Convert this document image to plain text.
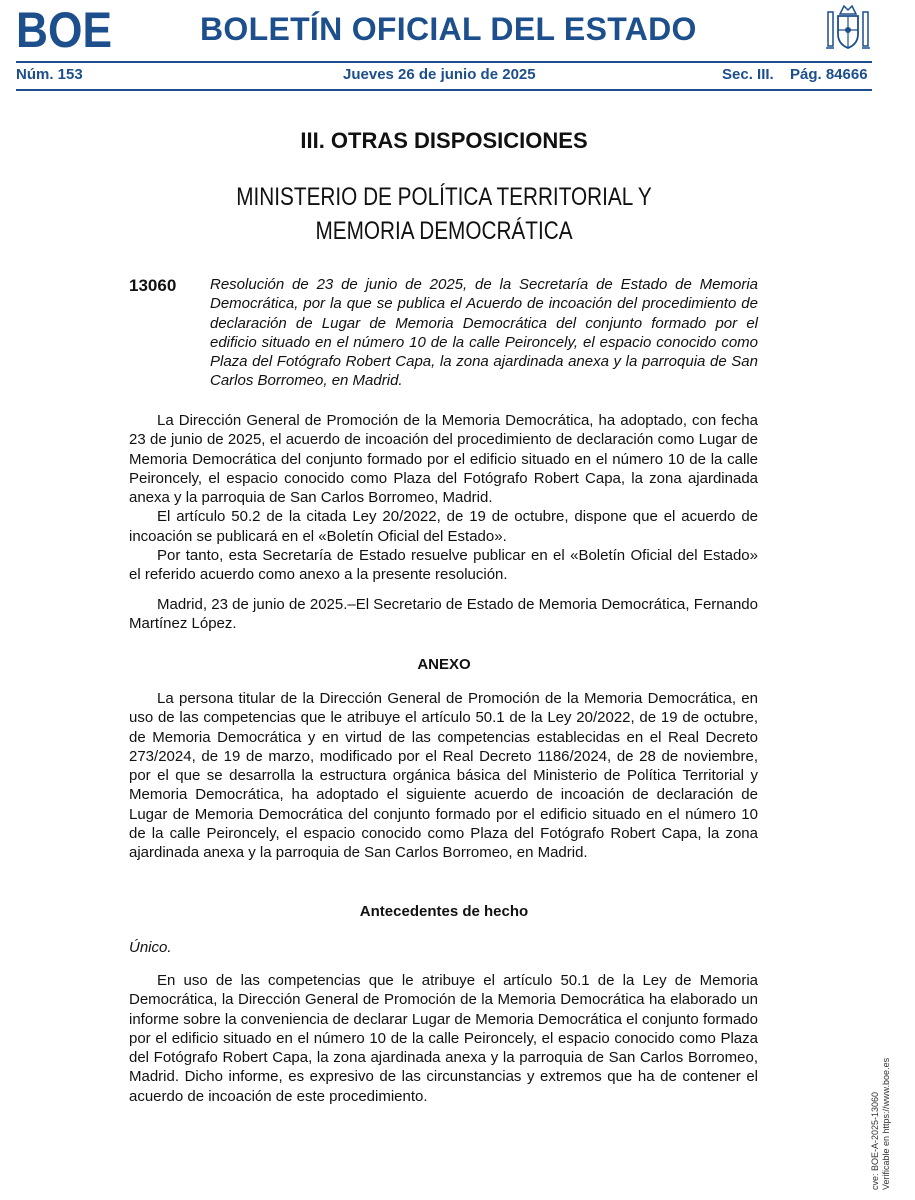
BOE	BOLETÍN OFICIAL DEL ESTADO
Núm. 153	Jueves 26 de junio de 2025	Sec. III. Pág. 84666
III. OTRAS DISPOSICIONES
MINISTERIO DE POLÍTICA TERRITORIAL Y MEMORIA DEMOCRÁTICA
13060 Resolución de 23 de junio de 2025, de la Secretaría de Estado de Memoria Democrática, por la que se publica el Acuerdo de incoación del procedimiento de declaración de Lugar de Memoria Democrática del conjunto formado por el edificio situado en el número 10 de la calle Peironcely, el espacio conocido como Plaza del Fotógrafo Robert Capa, la zona ajardinada anexa y la parroquia de San Carlos Borromeo, en Madrid.

La Dirección General de Promoción de la Memoria Democrática, ha adoptado, con fecha 23 de junio de 2025, el acuerdo de incoación del procedimiento de declaración como Lugar de Memoria Democrática del conjunto formado por el edificio situado en el número 10 de la calle Peironcely, el espacio conocido como Plaza del Fotógrafo Robert Capa, la zona ajardinada anexa y la parroquia de San Carlos Borromeo, Madrid.

El artículo 50.2 de la citada Ley 20/2022, de 19 de octubre, dispone que el acuerdo de incoación se publicará en el «Boletín Oficial del Estado».

Por tanto, esta Secretaría de Estado resuelve publicar en el «Boletín Oficial del Estado» el referido acuerdo como anexo a la presente resolución.

Madrid, 23 de junio de 2025.–El Secretario de Estado de Memoria Democrática, Fernando Martínez López.

ANEXO

La persona titular de la Dirección General de Promoción de la Memoria Democrática, en uso de las competencias que le atribuye el artículo 50.1 de la Ley 20/2022, de 19 de octubre, de Memoria Democrática y en virtud de las competencias establecidas en el Real Decreto 273/2024, de 19 de marzo, modificado por el Real Decreto 1186/2024, de 28 de noviembre, por el que se desarrolla la estructura orgánica básica del Ministerio de Política Territorial y Memoria Democrática, ha adoptado el siguiente acuerdo de incoación de declaración de Lugar de Memoria Democrática del conjunto formado por el edificio situado en el número 10 de la calle Peironcely, el espacio conocido como Plaza del Fotógrafo Robert Capa, la zona ajardinada anexa y la parroquia de San Carlos Borromeo, en Madrid.

Antecedentes de hecho
Único.

En uso de las competencias que le atribuye el artículo 50.1 de la Ley de Memoria Democrática, la Dirección General de Promoción de la Memoria Democrática ha elaborado un informe sobre la conveniencia de declarar Lugar de Memoria Democrática el conjunto formado por el edificio situado en el número 10 de la calle Peironcely, el espacio conocido como Plaza del Fotógrafo Robert Capa, la zona ajardinada anexa y la parroquia de San Carlos Borromeo, Madrid. Dicho informe, es expresivo de las circunstancias y extremos que ha de contener el acuerdo de incoación de este procedimiento.	cve: BOE-A-2025-13060 Verificable en https://www.boe.es
